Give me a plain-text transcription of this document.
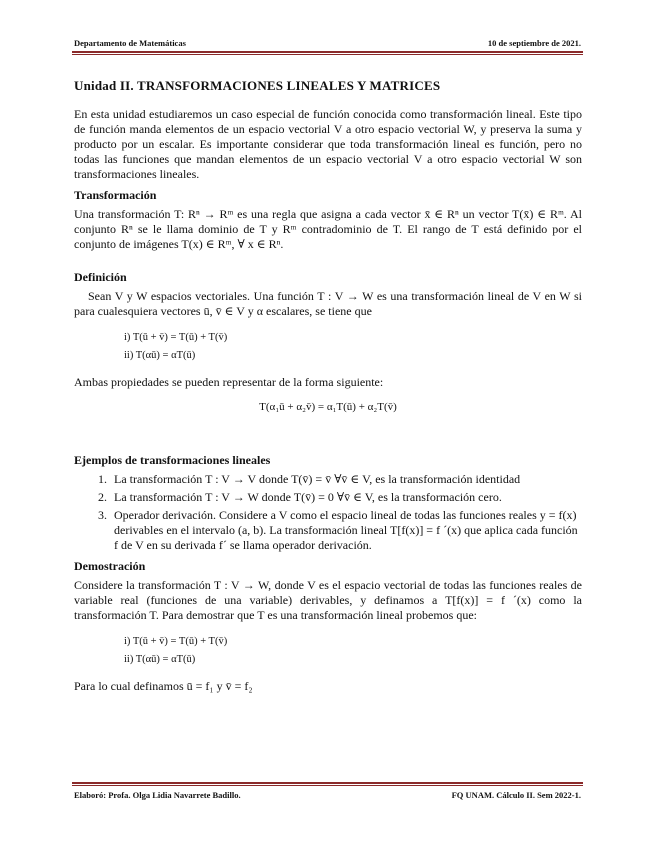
Departamento de Matemáticas	10 de septiembre de 2021.
Unidad II. TRANSFORMACIONES LINEALES Y MATRICES

En esta unidad estudiaremos un caso especial de función conocida como transformación lineal. Este tipo de función manda elementos de un espacio vectorial V a otro espacio vectorial W, y preserva la suma y producto por un escalar. Es importante considerar que toda transformación lineal es función, pero no todas las funciones que mandan elementos de un espacio vectorial V a otro espacio vectorial W son transformaciones lineales.

Transformación

Una transformación T: Rⁿ → Rᵐ es una regla que asigna a cada vector x̄ ∈ Rⁿ un vector T(x̄) ∈ Rᵐ. Al conjunto Rⁿ se le llama dominio de T y Rᵐ contradominio de T. El rango de T está definido por el conjunto de imágenes T(x) ∈ Rᵐ, ∀ x ∈ Rⁿ.

Definición

Sean V y W espacios vectoriales. Una función T : V → W es una transformación lineal de V en W si para cualesquiera vectores ū, v̄ ∈ V y α escalares, se tiene que

i) T(ū + v̄) = T(ū) + T(v̄)
ii) T(αū) = αT(ū)

Ambas propiedades se pueden representar de la forma siguiente:

T(α₁ū + α₂v̄) = α₁T(ū) + α₂T(v̄)
Ejemplos de transformaciones lineales
1. La transformación T : V → V donde T(v̄) = v̄ ∀v̄ ∈ V, es la transformación identidad
2. La transformación T : V → W donde T(v̄) = 0 ∀v̄ ∈ V, es la transformación cero.
3. Operador derivación. Considere a V como el espacio lineal de todas las funciones reales y = f(x) derivables en el intervalo (a, b). La transformación lineal T[f(x)] = f ´(x) que aplica cada función f de V en su derivada f´ se llama operador derivación.
Demostración

Considere la transformación T : V → W, donde V es el espacio vectorial de todas las funciones reales de variable real (funciones de una variable) derivables, y definamos a T[f(x)] = f ´(x) como la transformación T. Para demostrar que T es una transformación lineal probemos que:

i) T(ū + v̄) = T(ū) + T(v̄)
ii) T(αū) = αT(ū)

Para lo cual definamos ū = f₁ y v̄ = f₂

Elaboró: Profa. Olga Lidia Navarrete Badillo.	FQ UNAM. Cálculo II. Sem 2022-1.
